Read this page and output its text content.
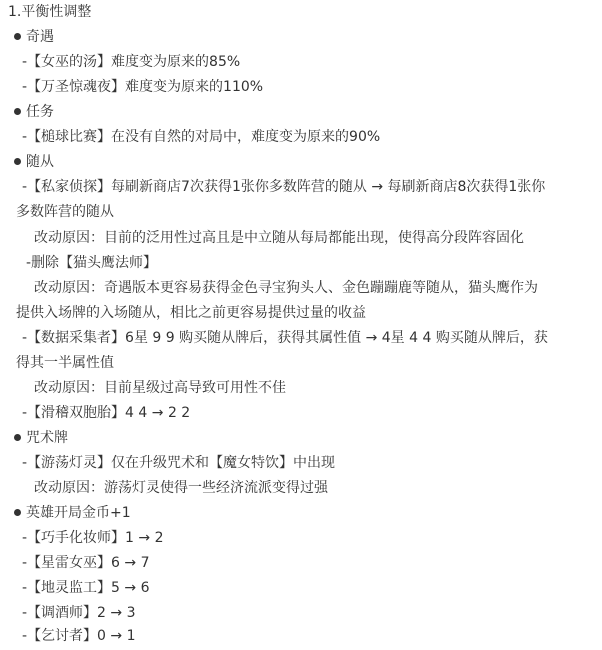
1.平衡性调整
奇遇
-【女巫的汤】难度变为原来的85%
-【万圣惊魂夜】难度变为原来的110%
任务
-【槌球比赛】在没有自然的对局中，难度变为原来的90%
随从
-【私家侦探】每刷新商店7次获得1张你多数阵营的随从 → 每刷新商店8次获得1张你
多数阵营的随从
改动原因：目前的泛用性过高且是中立随从每局都能出现，使得高分段阵容固化
-删除【猫头鹰法师】
改动原因：奇遇版本更容易获得金色寻宝狗头人、金色蹦蹦鹿等随从，猫头鹰作为
提供入场牌的入场随从，相比之前更容易提供过量的收益
-【数据采集者】6星 9 9 购买随从牌后，获得其属性值 → 4星 4 4 购买随从牌后，获
得其一半属性值
改动原因：目前星级过高导致可用性不佳
-【滑稽双胞胎】4 4 → 2 2
咒术牌
-【游荡灯灵】仅在升级咒术和【魔女特饮】中出现
改动原因：游荡灯灵使得一些经济流派变得过强
英雄开局金币+1
-【巧手化妆师】1 → 2
-【星雷女巫】6 → 7
-【地灵监工】5 → 6
-【调酒师】2 → 3
-【乞讨者】0 → 1
